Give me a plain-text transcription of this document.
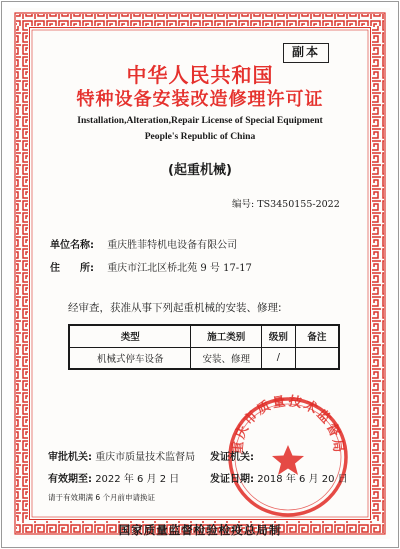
副本
中华人民共和国
特种设备安装改造修理许可证
Installation,Alteration,Repair License of Special Equipment
People's Republic of China
(起重机械)
编号: TS3450155-2022
单位名称: 重庆胜菲特机电设备有限公司
住　　所: 重庆市江北区桥北苑 9 号 17-17
经审查，获准从事下列起重机械的安装、修理:
类型	施工类别	级别	备注
机械式停车设备	安装、修理	/	
重庆市质量技术监督局
审批机关: 重庆市质量技术监督局 发证机关:
有效期至: 2022 年 6 月 2 日	发证日期: 2018 年 6 月 20 日
请于有效期满 6 个月前申请换证
国家质量监督检验检疫总局制
